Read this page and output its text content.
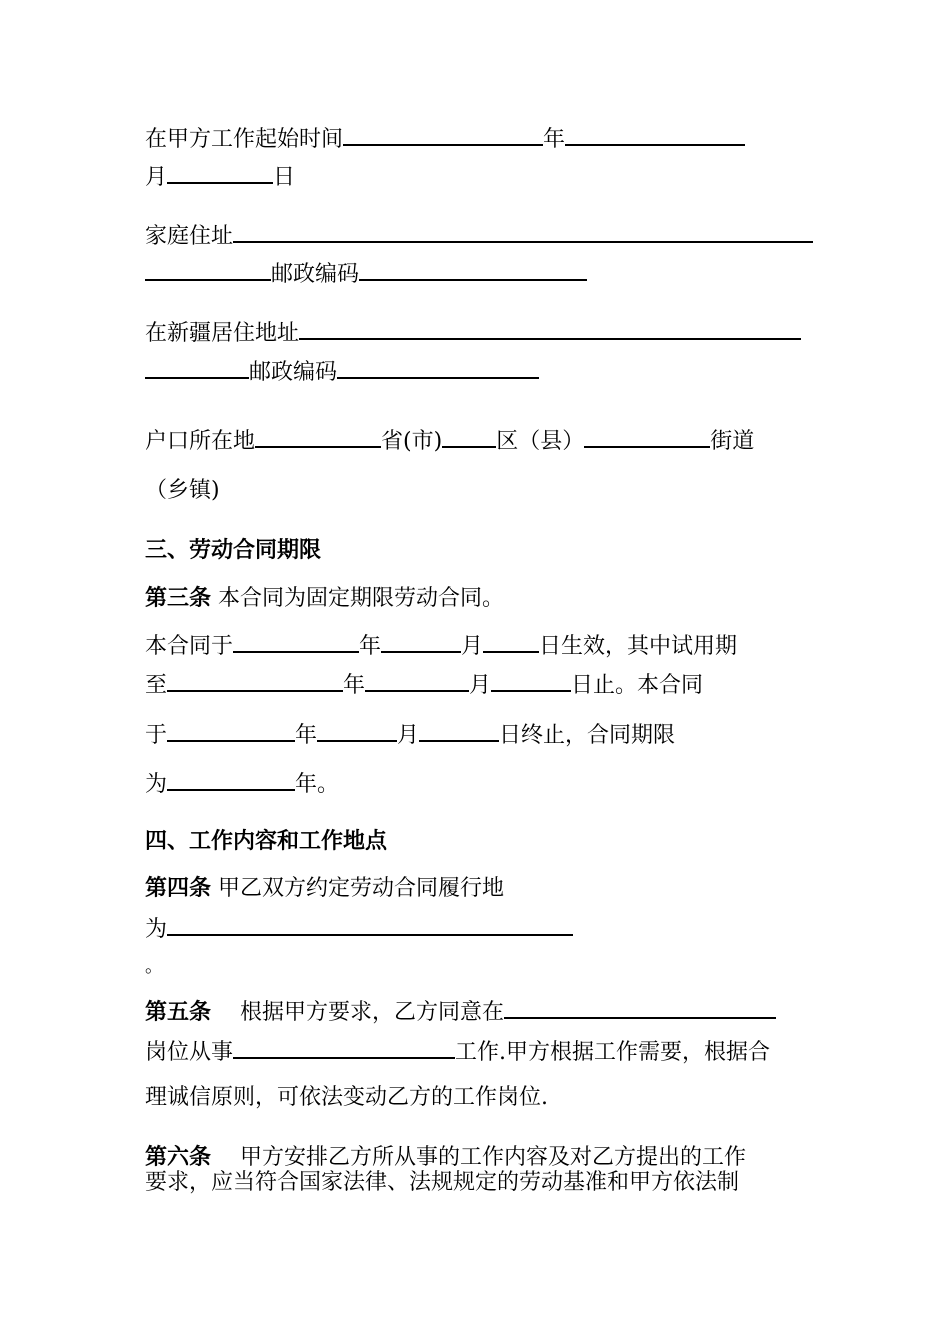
在甲方工作起始时间	年
月	日
家庭住址
邮政编码
在新疆居住地址
邮政编码
户口所在地	省(市) 区（县）	街道
（乡镇)
三、劳动合同期限
第三条 本合同为固定期限劳动合同。
本合同于	年	月	日生效，其中试用期
至	年	月	日止。本合同
于	年	月	日终止，合同期限
为	年。
四、工作内容和工作地点
第四条 甲乙双方约定劳动合同履行地
为
。
第五条　 根据甲方要求，乙方同意在
岗位从事	工作.甲方根据工作需要，根据合
理诚信原则，可依法变动乙方的工作岗位.
第六条　 甲方安排乙方所从事的工作内容及对乙方提出的工作
要求，应当符合国家法律、法规规定的劳动基准和甲方依法制
